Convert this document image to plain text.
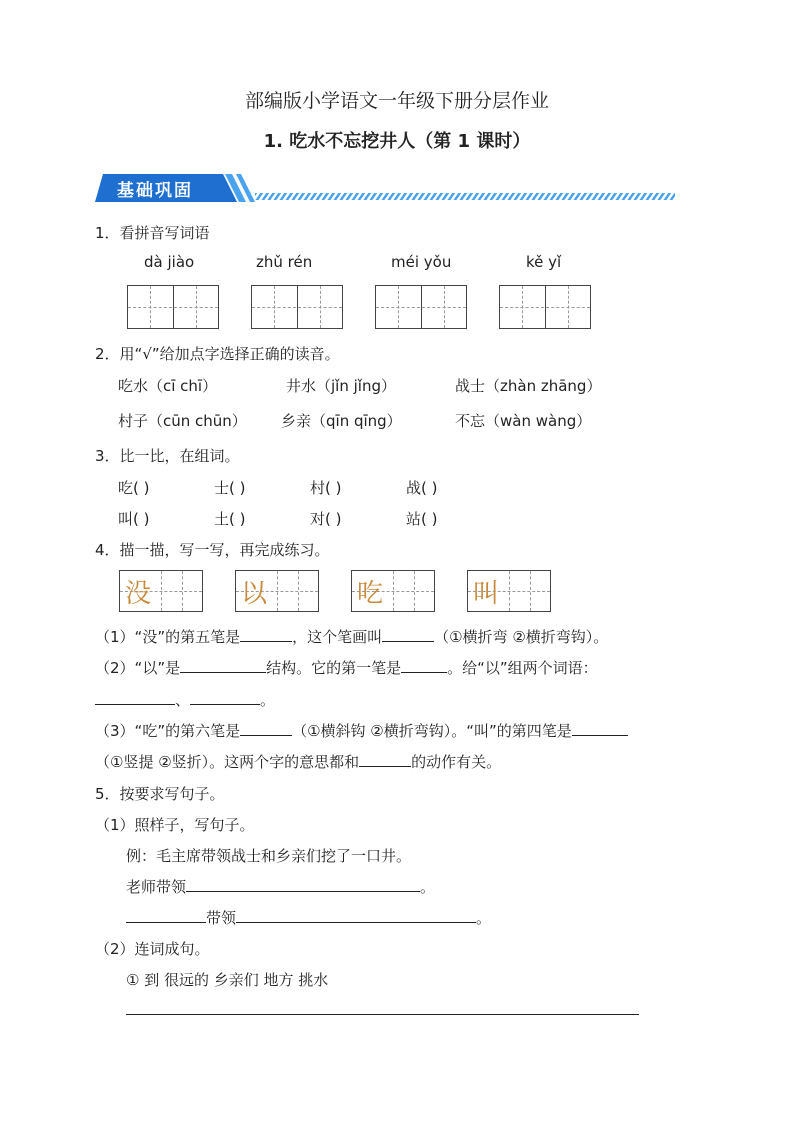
部编版小学语文一年级下册分层作业
1. 吃水不忘挖井人（第 1 课时）
基础巩固
1．看拼音写词语
dà jiào	zhǔ rén	méi yǒu	kě yǐ
2．用“√”给加点字选择正确的读音。
吃水（cī chī）	井水（jǐn jǐng）	战士（zhàn zhāng）
村子（cūn chūn） 乡亲（qīn qīng）	不忘（wàn wàng）
3．比一比，在组词。
吃( )	士( )	村( )	战( )
叫( )	土( )	对( )	站( )
4．描一描，写一写，再完成练习。
没	以	吃	叫
（1）“没”的第五笔是	，这个笔画叫	（①横折弯 ②横折弯钩）。
（2）“以”是	结构。它的第一笔是	。给“以”组两个词语：
、	。
（3）“吃”的第六笔是	（①横斜钩 ②横折弯钩）。“叫”的第四笔是
（①竖提 ②竖折）。这两个字的意思都和	的动作有关。
5．按要求写句子。
（1）照样子，写句子。
例：毛主席带领战士和乡亲们挖了一口井。
老师带领	。
带领	。
（2）连词成句。
① 到 很远的 乡亲们 地方 挑水
